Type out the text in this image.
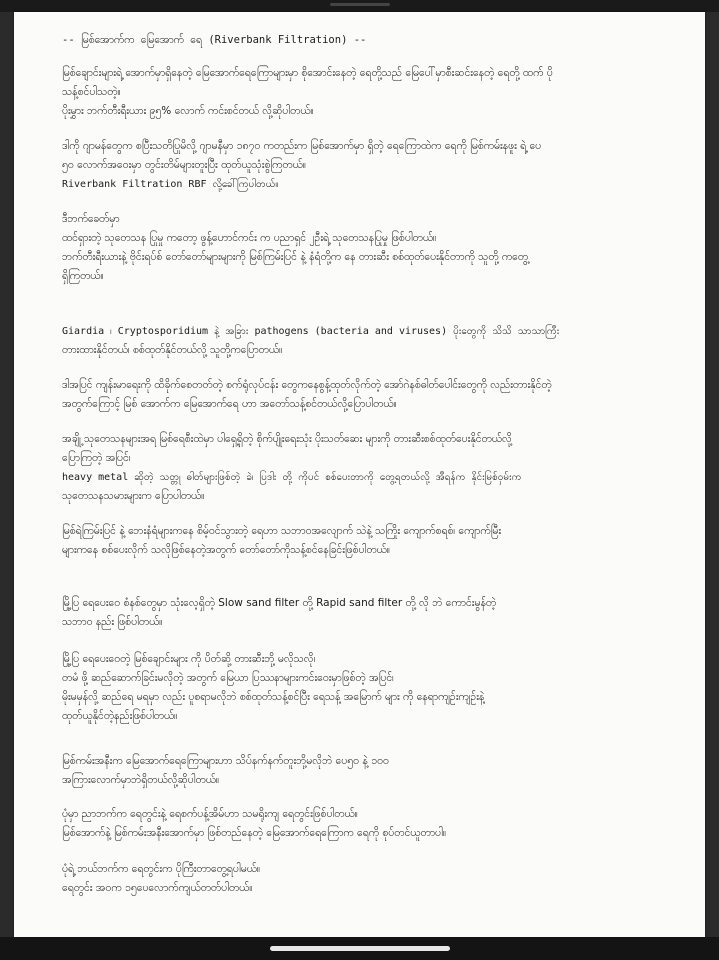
-- မြစ်အောက်က မြေအောက် ရေ (Riverbank Filtration) --
မြစ်ချောင်းများရဲ့ အောက်မှာရှိနေတဲ့ မြေအောက်ရေကြောများမှာ စိုအောင်းနေတဲ့ ရေတို့သည် မြေပေါ်မှာစီးဆင်းနေတဲ့ ရေတို့ ထက် ပို
သန့်စင်ပါသတဲ့။
ပိုးမွှား ဘက်တီးရီးယား ၉၅% လောက် ကင်းစင်တယ် လို့ဆိုပါတယ်။
ဒါကို ဂျာမန်တွေက စပြီးသတိပြုမိလို့ ဂျာမနီမှာ ၁၈၇၀ ကတည်းက မြစ်အောက်မှာ ရှိတဲ့ ရေကြောထဲက ရေကို မြစ်ကမ်းနဖူး ရဲ့ ပေ
၅၀ လောက်အဝေးမှာ တွင်းတိမ်များတူးပြီး ထုတ်ယူသုံးစွဲကြတယ်။
Riverbank Filtration RBF လို့ခေါ်ကြပါတယ်။
ဒီဘက်ခေတ်မှာ
ထင်ရှားတဲ့ သုတေသန ပြုမှု ကတော့ ဖွန့်ဟောင်ကင်း က ပညာရှင် ၂ဦးရဲ့ သုတေသနပြုမှု ဖြစ်ပါတယ်။
ဘက်တီးရီးယားနဲ့ ဗိုင်းရပ်စ် တော်တော်များများကို မြစ်ကြမ်းပြင် နဲ့ နံရံတို့က နေ တားဆီး စစ်ထုတ်ပေးနိုင်တာကို သူတို့ ကတွေ့
ရှိကြတယ်။
Giardia ၊ Cryptosporidium နဲ့ အခြား pathogens (bacteria and viruses) ပိုးတွေကို သိသိ သာသာကြီး
တားထားနိုင်တယ်၊ စစ်ထုတ်နိုင်တယ်လို့ သူတို့ကပြောတယ်။
ဒါအပြင် ကျန်းမာရေးကို ထိခိုက်စေတတ်တဲ့ စက်ရုံလုပ်ငန်း တွေကနေစွန့်ထုတ်လိုက်တဲ့ အော်ဂဲနစ်ဓါတ်ပေါင်းတွေကို လည်းတားနိုင်တဲ့
အတွက်ကြောင့် မြစ် အောက်က မြေအောက်ရေ ဟာ အတော်သန့်စင်တယ်လို့ပြောပါတယ်။
အချို့ သုတေသနများအရ မြစ်ရေစီးထဲမှာ ပါရှေ့ရှိတဲ့ စိုက်ပျိုးရေးသုံး ပိုးသတ်ဆေး များကို တားဆီးစစ်ထုတ်ပေးနိုင်တယ်လို့
ပြောကြတဲ့ အပြင်၊
heavy metal ဆိုတဲ့ သတ္တု ဓါတ်များဖြစ်တဲ့ ခဲ၊ ပြဒါး တို့ ကိုပင် စစ်ပေးတာကို တွေ့ရတယ်လို့ အီရန်က နိုင်းမြစ်ဝှမ်းက
သုတေသနသမားများက ပြောပါတယ်။
မြစ်ရဲကြမ်းပြင် နဲ့ ဘေးနံရံများကနေ စိမ့်ဝင်သွားတဲ့ ရေဟာ သဘာဝအလျောက် သဲနဲ့ သကြိုး ကျောက်စရစ်၊ ကျောက်မြီး
များကနေ စစ်ပေးလိုက် သလိုဖြစ်နေတဲ့အတွက် တော်တော်ကိုသန့်စင်နေခြင်းဖြစ်ပါတယ်။
မြို့ပြ ရေပေးဝေ စံနစ်တွေမှာ သုံးလေ့ရှိတဲ့ Slow sand filter တို့ Rapid sand filter တို့ လို ဘဲ ကောင်းမွန်တဲ့
သဘာဝ နည်း ဖြစ်ပါတယ်။
မြို့ပြ ရေပေးဝေတဲ့ မြစ်ချောင်းများ ကို ပိတ်ဆို့ တားဆီးဘို့ မလိုသလို၊
တမံ ဖို့ ဆည်ဆောက်ခြင်းမလိုတဲ့ အတွက် မြေယာ ပြဿနာများကင်းဝေးမှာဖြစ်တဲ့ အပြင်၊
မိုးမမှန်လို့ ဆည်ရေ မရမှာ လည်း ပူစရာမလိုဘဲ စစ်ထုတ်သန့်စင်ပြီး ရေသန့် အမြောက် များ ကို နေရာကျဉ်းကျဉ်းနဲ့
ထုတ်ယူနိုင်တဲ့နည်းဖြစ်ပါတယ်။
မြစ်ကမ်းအနီးက မြေအောက်ရေကြောများဟာ သိပ်နက်နက်တူးဘို့မလိုဘဲ ပေ၅၀ နဲ့ ၁၀၀
အကြားလောက်မှာဘဲရှိတယ်လို့ဆိုပါတယ်။
ပုံမှာ ညာဘက်က ရေတွင်းနဲ့ ရေစက်ပန့်အိမ်ဟာ သမရိုးကျ ရေတွင်းဖြစ်ပါတယ်။
မြစ်အောက်နဲ့ မြစ်ကမ်းအနီးအောက်မှာ ဖြစ်တည်နေတဲ့ မြေအောက်ရေကြောက ရေကို စုပ်တင်ယူတာပါ။
ပုံရဲ့ ဘယ်ဘက်က ရေတွင်းက ပိုကြီးတာတွေ့ရပါမယ်။
ရေတွင်း အဝက ၁၅ပေလောက်ကျယ်တတ်ပါတယ်။
